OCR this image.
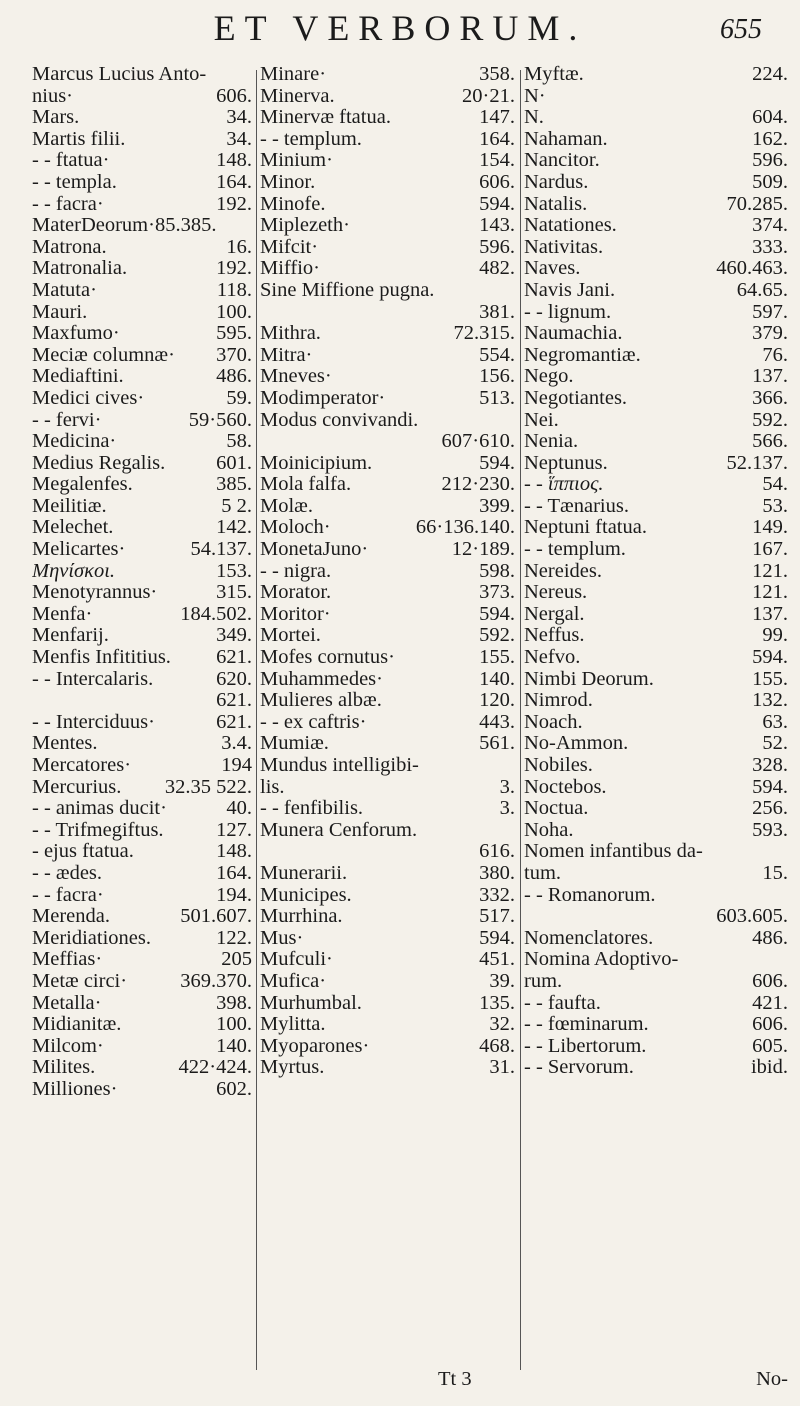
ET VERBORUM.	655
Marcus Lucius Anto-
nius·	606.
Mars.	34.
Martis filii.	34.
- - ftatua·	148.
- - templa.	164.
- - facra·	192.
MaterDeorum·85.385.
Matrona.	16.
Matronalia.	192.
Matuta·	118.
Mauri.	100.
Maxfumo·	595.
Meciæ columnæ· 370.
Mediaftini.	486.
Medici cives·	59.
- - fervi·	59·560.
Medicina·	58.
Medius Regalis. 601.
Megalenfes.	385.
Meilitiæ.	5 2.
Melechet.	142.
Melicartes·	54.137.
Μηνίσκοι.	153.
Menotyrannus·	315.
Menfa·	184.502.
Menfarij.	349.
Menfis Infititius. 621.
- - Intercalaris.	620.
621.
- - Interciduus·	621.
Mentes.	3.4.
Mercatores·	194
Mercurius. 32.35 522.
- - animas ducit·	40.
- - Trifmegiftus.	127.
- ejus ftatua.	148.
- - ædes.	164.
- - facra·	194.
Merenda.	501.607.
Meridiationes.	122.
Meffias·	205
Metæ circi·	369.370.
Metalla·	398.
Midianitæ.	100.
Milcom·	140.
Milites.	422·424.
Milliones·	602.
Minare·	358.
Minerva.	20·21.
Minervæ ftatua.	147.
- - templum.	164.
Minium·	154.
Minor.	606.
Minofe.	594.
Miplezeth·	143.
Mifcit·	596.
Miffio·	482.
Sine Miffione pugna.
381.
Mithra.	72.315.
Mitra·	554.
Mneves·	156.
Modimperator·	513.
Modus convivandi.
607·610.
Moinicipium.	594.
Mola falfa.	212·230.
Molæ.	399.
Moloch·	66·136.140.
MonetaJuno·	12·189.
- - nigra.	598.
Morator.	373.
Moritor·	594.
Mortei.	592.
Mofes cornutus·	155.
Muhammedes·	140.
Mulieres albæ.	120.
- - ex caftris·	443.
Mumiæ.	561.
Mundus intelligibi-
lis.	3.
- - fenfibilis.	3.
Munera Cenforum.
616.
Munerarii.	380.
Municipes.	332.
Murrhina.	517.
Mus·	594.
Mufculi·	451.
Mufica·	39.
Murhumbal.	135.
Mylitta.	32.
Myoparones·	468.
Myrtus.	31.
Myftæ.	224.
N·
N.	604.
Nahaman.	162.
Nancitor.	596.
Nardus.	509.
Natalis.	70.285.
Natationes.	374.
Nativitas.	333.
Naves.	460.463.
Navis Jani.	64.65.
- - lignum.	597.
Naumachia.	379.
Negromantiæ.	76.
Nego.	137.
Negotiantes.	366.
Nei.	592.
Nenia.	566.
Neptunus.	52.137.
- - ἵππιος.	54.
- - Tænarius.	53.
Neptuni ftatua.	149.
- - templum.	167.
Nereides.	121.
Nereus.	121.
Nergal.	137.
Neffus.	99.
Nefvo.	594.
Nimbi Deorum.	155.
Nimrod.	132.
Noach.	63.
No-Ammon.	52.
Nobiles.	328.
Noctebos.	594.
Noctua.	256.
Noha.	593.
Nomen infantibus da-
tum.	15.
- - Romanorum.
603.605.
Nomenclatores.	486.
Nomina Adoptivo-
rum.	606.
- - faufta.	421.
- - fœminarum.	606.
- - Libertorum.	605.
- - Servorum.	ibid.
No-
Tt 3
